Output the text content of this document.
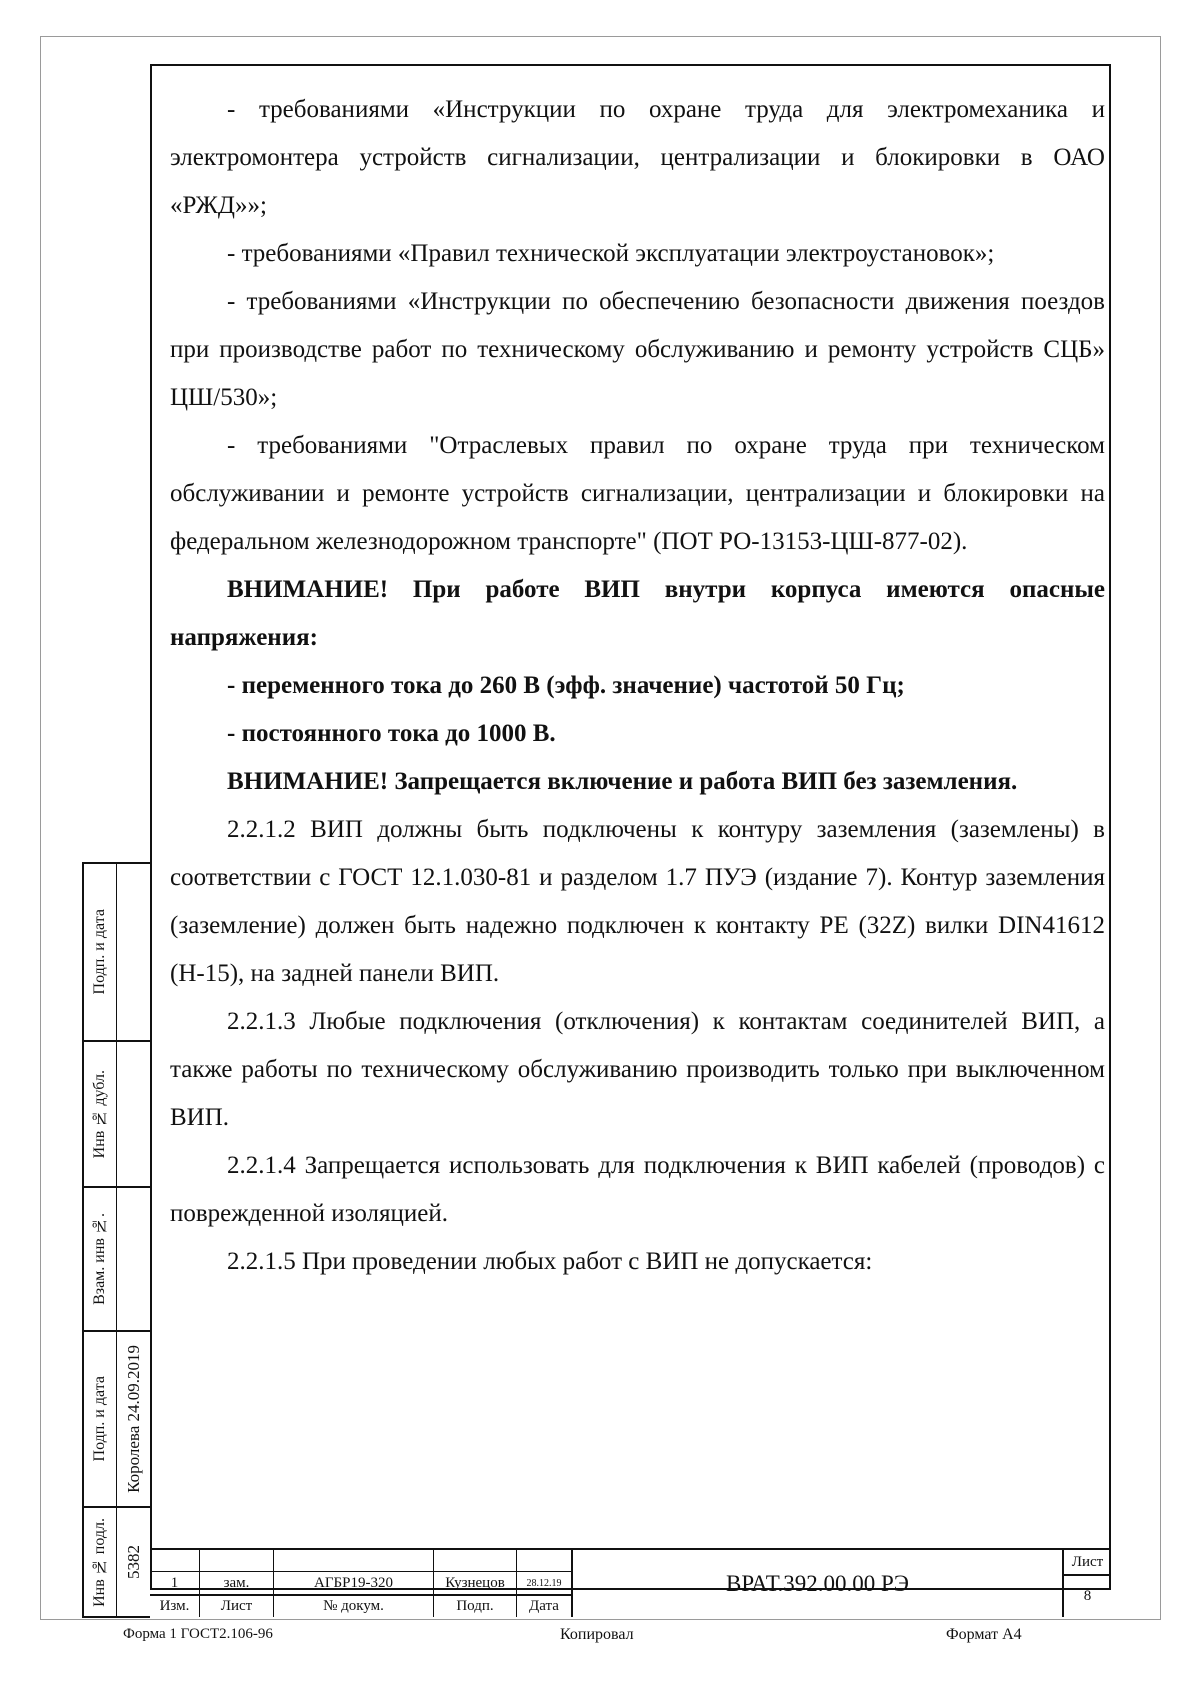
- требованиями «Инструкции по охране труда для электромеханика и электромонтера устройств сигнализации, централизации и блокировки в ОАО «РЖД»»;

- требованиями «Правил технической эксплуатации электроустановок»;

- требованиями «Инструкции по обеспечению безопасности движения поездов при производстве работ по техническому обслуживанию и ремонту устройств СЦБ» ЦШ/530»;

- требованиями "Отраслевых правил по охране труда при техническом обслуживании и ремонте устройств сигнализации, централизации и блокировки на федеральном железнодорожном транспорте" (ПОТ РО-13153-ЦШ-877-02).

ВНИМАНИЕ! При работе ВИП внутри корпуса имеются опасные напряжения:

- переменного тока до 260 В (эфф. значение) частотой 50 Гц;

- постоянного тока до 1000 В.

ВНИМАНИЕ! Запрещается включение и работа ВИП без заземления.

2.2.1.2 ВИП должны быть подключены к контуру заземления (заземлены) в соответствии с ГОСТ 12.1.030-81 и разделом 1.7 ПУЭ (издание 7). Контур заземления (заземление) должен быть надежно подключен к контакту PE (32Z) вилки DIN41612 (H-15), на задней панели ВИП.

2.2.1.3 Любые подключения (отключения) к контактам соединителей ВИП, а также работы по техническому обслуживанию производить только при выключенном ВИП.

2.2.1.4 Запрещается использовать для подключения к ВИП кабелей (проводов) с поврежденной изоляцией.

2.2.1.5 При проведении любых работ с ВИП не допускается:

Подп. и дата
Инв № дубл.
Взам. инв №.
Подп. и дата Королева 24.09.2019
Инв № подл. 5382
1	зам.	АГБР19-320	Кузнецов	28.12.19
Изм.	Лист	№ докум.	Подп.	Дата
ВРАТ.392.00.00 РЭ
Лист
8
Форма 1 ГОСТ2.106-96	Копировал	Формат А4
